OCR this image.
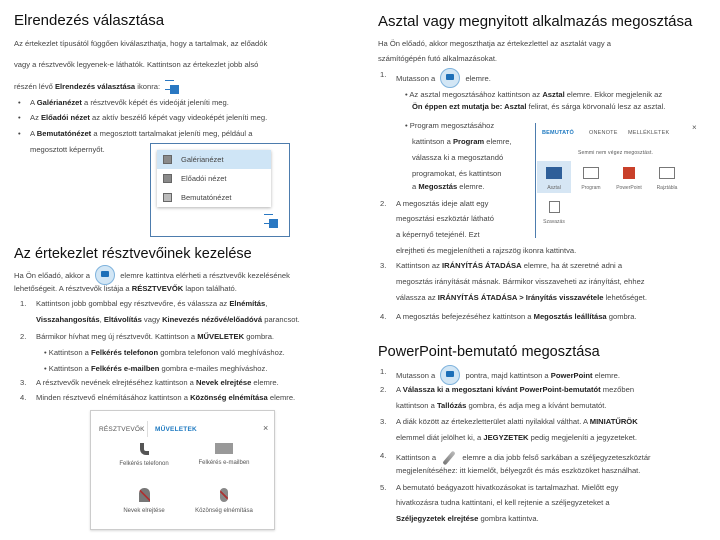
Elrendezés választása
Az értekezlet résztvevőinek kezelése
•
•
•
1.
2.
3.
4.
Galérianézet
Előadói nézet
Bemutatónézet
RÉSZTVEVŐK MŰVELETEK	×
Felkérés telefonon	Felkérés e-mailben
Nevek elrejtése	Közönség elnémítása
Asztal vagy megnyitott alkalmazás megosztása
PowerPoint-bemutató megosztása
BEMUTATÓ	ONENOTE MELLÉKLETEK
×
Semmi nem végez megosztást.
Asztal	Program	PowerPoint	Rajztábla
Szavazás
Az értekezlet típusától függően kiválaszthatja, hogy a tartalmak, az előadók
vagy a résztvevők legyenek-e láthatók. Kattintson az értekezlet jobb alsó
részén lévő Elrendezés választása ikonra:
A Galérianézet a résztvevők képét és videóját jeleníti meg.
Az Előadói nézet az aktív beszélő képét vagy videoképét jeleníti meg.
A Bemutatónézet a megosztott tartalmakat jeleníti meg, például a
megosztott képernyőt.
Ha Ön előadó, akkor a	elemre kattintva elérheti a résztvevők kezelésének
lehetőségeit. A résztvevők listája a RÉSZTVEVŐK lapon található.
Kattintson jobb gombbal egy résztvevőre, és válassza az Elnémítás,
Visszahangosítás, Eltávolítás vagy Kinevezés nézővé/előadóvá parancsot.
Bármikor hívhat meg új résztvevőt. Kattintson a MŰVELETEK gombra.
• Kattintson a Felkérés telefonon gombra telefonon való meghíváshoz.
• Kattintson a Felkérés e-mailben gombra e-mailes meghíváshoz.
A résztvevők nevének elrejtéséhez kattintson a Nevek elrejtése elemre.
Minden résztvevő elnémításához kattintson a Közönség elnémítása elemre.
Ha Ön előadó, akkor megoszthatja az értekezlettel az asztalát vagy a
számítógépén futó alkalmazásokat.
Mutasson a	elemre.
• Az asztal megosztásához kattintson az Asztal elemre. Ekkor megjelenik az
Ön éppen ezt mutatja be: Asztal felirat, és sárga körvonalú lesz az asztal.
• Program megosztásához
kattintson a Program elemre,
válassza ki a megosztandó
programokat, és kattintson
a Megosztás elemre.
A megosztás ideje alatt egy
megosztási eszköztár látható
a képernyő tetejénél. Ezt
elrejtheti és megjelenítheti a rajzszög ikonra kattintva.
Kattintson az IRÁNYÍTÁS ÁTADÁSA elemre, ha át szeretné adni a
megosztás irányítását másnak. Bármikor visszaveheti az irányítást, ehhez
válassza az IRÁNYÍTÁS ÁTADÁSA > Irányítás visszavétele lehetőséget.
A megosztás befejezéséhez kattintson a Megosztás leállítása gombra.
Mutasson a	pontra, majd kattintson a PowerPoint elemre.
A Válassza ki a megosztani kívánt PowerPoint-bemutatót mezőben
kattintson a Tallózás gombra, és adja meg a kívánt bemutatót.
A diák között az értekezletterület alatti nyilakkal válthat. A MINIATŰRÖK
elemmel diát jelölhet ki, a JEGYZETEK pedig megjeleníti a jegyzeteket.
Kattintson a	elemre a dia jobb felső sarkában a széljegyzeteszköztár
megjelenítéséhez: itt kiemelőt, bélyegzőt és más eszközöket használhat.
A bemutató beágyazott hivatkozásokat is tartalmazhat. Mielőtt egy
hivatkozásra tudna kattintani, el kell rejtenie a széljegyzeteket a
Széljegyzetek elrejtése gombra kattintva.
1.
2.
3.
4.
1.
2.
3.
4.
5.
